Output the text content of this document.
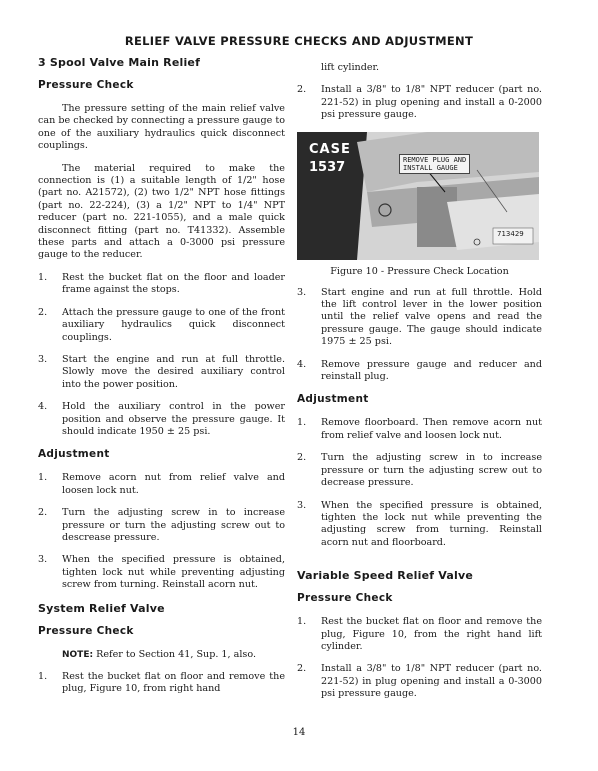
RELIEF VALVE PRESSURE CHECKS AND ADJUSTMENT
3 Spool Valve Main Relief
Pressure Check

The pressure setting of the main relief valve can be checked by connecting a pressure gauge to one of the auxiliary hydraulics quick disconnect couplings.

The material required to make the connection is (1) a suitable length of 1/2" hose (part no. A21572), (2) two 1/2" NPT hose fittings (part no. 22-224), (3) a 1/2" NPT to 1/4" NPT reducer (part no. 221-1055), and a male quick disconnect fitting (part no. T41332). Assemble these parts and attach a 0-3000 psi pressure gauge to the reducer.

1.	Rest the bucket flat on the floor and loader frame against the stops.
2.	Attach the pressure gauge to one of the front auxiliary hydraulics quick disconnect couplings.
3.	Start the engine and run at full throttle. Slowly move the desired auxiliary control into the power position.
4.	Hold the auxiliary control in the power position and observe the pressure gauge. It should indicate 1950 ± 25 psi.
Adjustment
1.	Remove acorn nut from relief valve and loosen lock nut.
2.	Turn the adjusting screw in to increase pressure or turn the adjusting screw out to descrease pressure.
3.	When the specified pressure is obtained, tighten lock nut while preventing adjusting screw from turning. Reinstall acorn nut.
System Relief Valve
Pressure Check
NOTE: Refer to Section 41, Sup. 1, also.
1.	Rest the bucket flat on floor and remove the plug, Figure 10, from right hand

lift cylinder.

2.	Install a 3/8" to 1/8" NPT reducer (part no. 221-52) in plug opening and install a 0-2000 psi pressure gauge.
CASE
1537	REMOVE PLUG AND
INSTALL GAUGE
713429
Figure 10 - Pressure Check Location
3.	Start engine and run at full throttle. Hold the lift control lever in the lower position until the relief valve opens and read the pressure gauge. The gauge should indicate 1975 ± 25 psi.
4.	Remove pressure gauge and reducer and reinstall plug.
Adjustment
1.	Remove floorboard. Then remove acorn nut from relief valve and loosen lock nut.
2.	Turn the adjusting screw in to increase pressure or turn the adjusting screw out to decrease pressure.
3.	When the specified pressure is obtained, tighten the lock nut while preventing the adjusting screw from turning. Reinstall acorn nut and floorboard.
Variable Speed Relief Valve
Pressure Check
1.	Rest the bucket flat on floor and remove the plug, Figure 10, from the right hand lift cylinder.
2.	Install a 3/8" to 1/8" NPT reducer (part no. 221-52) in plug opening and install a 0-3000 psi pressure gauge.
14
